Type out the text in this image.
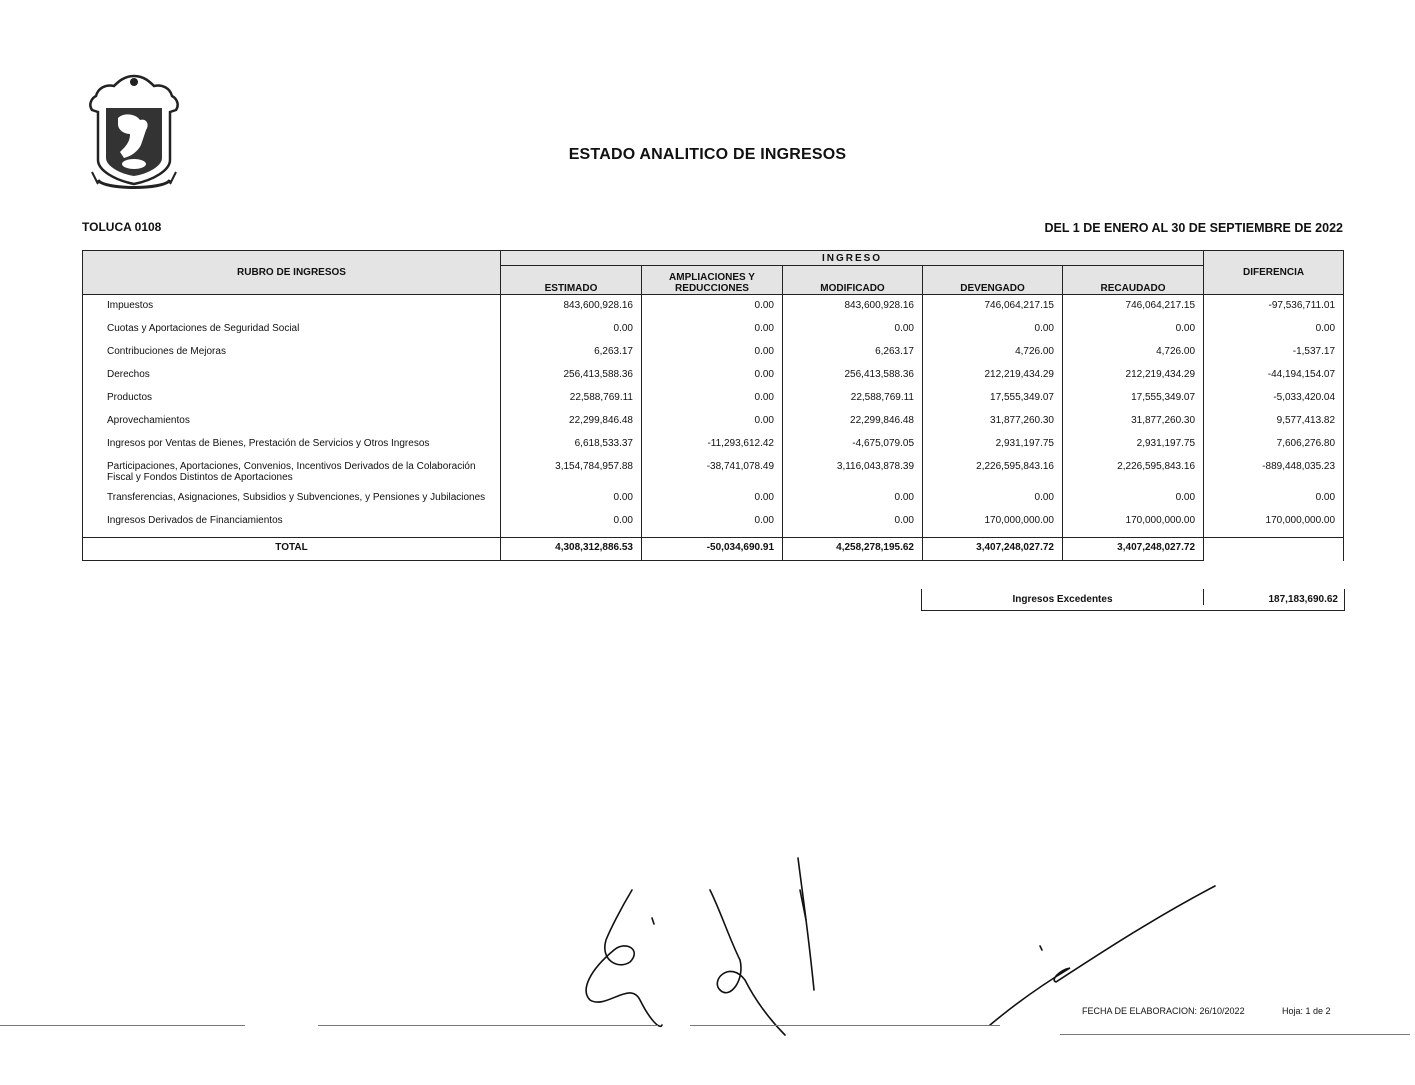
ESTADO ANALITICO DE INGRESOS
TOLUCA 0108	DEL 1 DE ENERO AL 30 DE SEPTIEMBRE DE 2022
RUBRO DE INGRESOS	INGRESO					DIFERENCIA
	ESTIMADO	AMPLIACIONES Y REDUCCIONES	MODIFICADO	DEVENGADO	RECAUDADO	
Impuestos	843,600,928.16	0.00	843,600,928.16	746,064,217.15	746,064,217.15	-97,536,711.01
Cuotas y Aportaciones de Seguridad Social	0.00	0.00	0.00	0.00	0.00	0.00
Contribuciones de Mejoras	6,263.17	0.00	6,263.17	4,726.00	4,726.00	-1,537.17
Derechos	256,413,588.36	0.00	256,413,588.36	212,219,434.29	212,219,434.29	-44,194,154.07
Productos	22,588,769.11	0.00	22,588,769.11	17,555,349.07	17,555,349.07	-5,033,420.04
Aprovechamientos	22,299,846.48	0.00	22,299,846.48	31,877,260.30	31,877,260.30	9,577,413.82
Ingresos por Ventas de Bienes, Prestación de Servicios y Otros Ingresos	6,618,533.37	-11,293,612.42	-4,675,079.05	2,931,197.75	2,931,197.75	7,606,276.80
Participaciones, Aportaciones, Convenios, Incentivos Derivados de la Colaboración Fiscal y Fondos Distintos de Aportaciones	3,154,784,957.88	-38,741,078.49	3,116,043,878.39	2,226,595,843.16	2,226,595,843.16	-889,448,035.23
Transferencias, Asignaciones, Subsidios y Subvenciones, y Pensiones y Jubilaciones	0.00	0.00	0.00	0.00	0.00	0.00
Ingresos Derivados de Financiamientos	0.00	0.00	0.00	170,000,000.00	170,000,000.00	170,000,000.00
TOTAL	4,308,312,886.53	-50,034,690.91	4,258,278,195.62	3,407,248,027.72	3,407,248,027.72	
Ingresos Excedentes	187,183,690.62
FECHA DE ELABORACION: 26/10/2022	Hoja: 1 de 2
